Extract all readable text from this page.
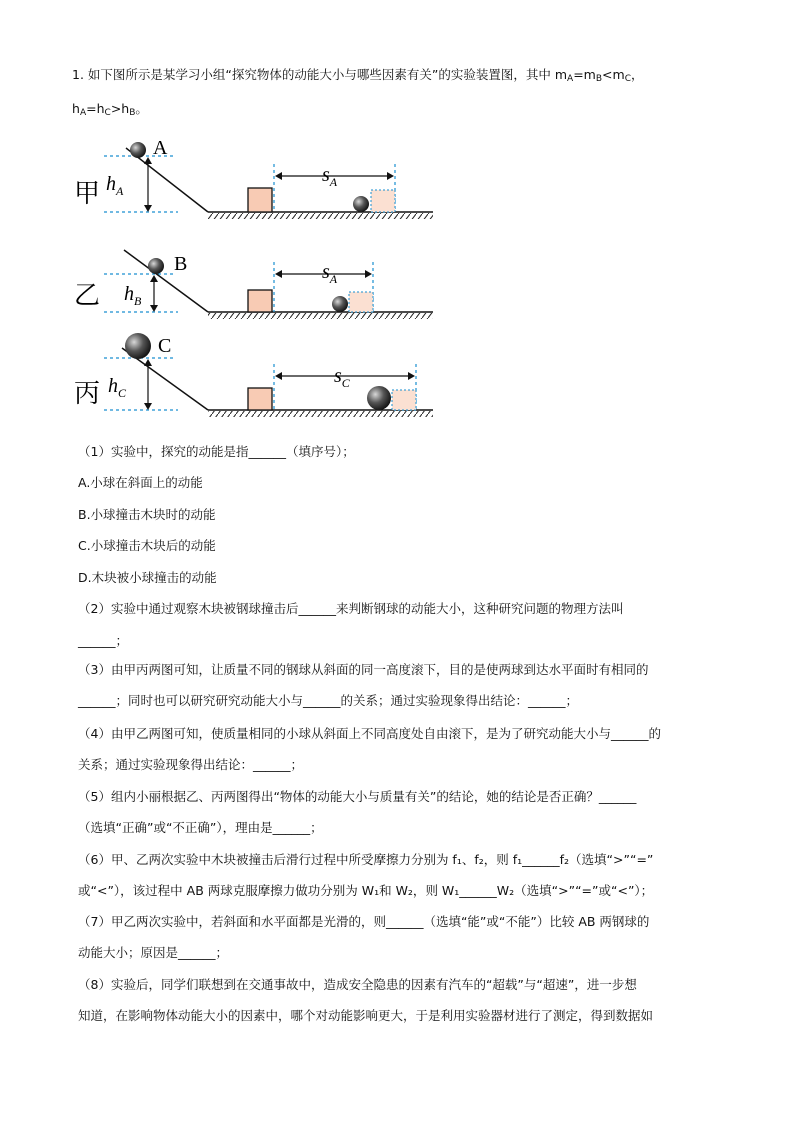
1. 如下图所示是某学习小组“探究物体的动能大小与哪些因素有关”的实验装置图，其中 $m_A=m_B<m_C$，
$h_A=h_C>h_B$。
甲
A
$h_A$
$s_A$
乙
B
$h_B$
$s_A$
丙
C
$h_C$
$s_C$
（1）实验中，探究的动能是指______（填序号）；
A.小球在斜面上的动能
B.小球撞击木块时的动能
C.小球撞击木块后的动能
D.木块被小球撞击的动能
（2）实验中通过观察木块被钢球撞击后______来判断钢球的动能大小，这种研究问题的物理方法叫
______；
（3）由甲丙两图可知，让质量不同的钢球从斜面的同一高度滚下，目的是使两球到达水平面时有相同的
______；同时也可以研究研究动能大小与______的关系；通过实验现象得出结论：______；
（4）由甲乙两图可知，使质量相同的小球从斜面上不同高度处自由滚下，是为了研究动能大小与______的
关系；通过实验现象得出结论：______；
（5）组内小丽根据乙、丙两图得出“物体的动能大小与质量有关”的结论，她的结论是否正确？______
（选填“正确”或“不正确”），理由是______；
（6）甲、乙两次实验中木块被撞击后滑行过程中所受摩擦力分别为 f₁、f₂，则 f₁______f₂（选填“>”“=”
或“<”），该过程中 AB 两球克服摩擦力做功分别为 W₁和 W₂，则 W₁______W₂（选填“>”“=”或“<”）；
（7）甲乙两次实验中，若斜面和水平面都是光滑的，则______（选填“能”或“不能”）比较 AB 两钢球的
动能大小；原因是______；
（8）实验后，同学们联想到在交通事故中，造成安全隐患的因素有汽车的“超载”与“超速”，进一步想
知道，在影响物体动能大小的因素中，哪个对动能影响更大，于是利用实验器材进行了测定，得到数据如
